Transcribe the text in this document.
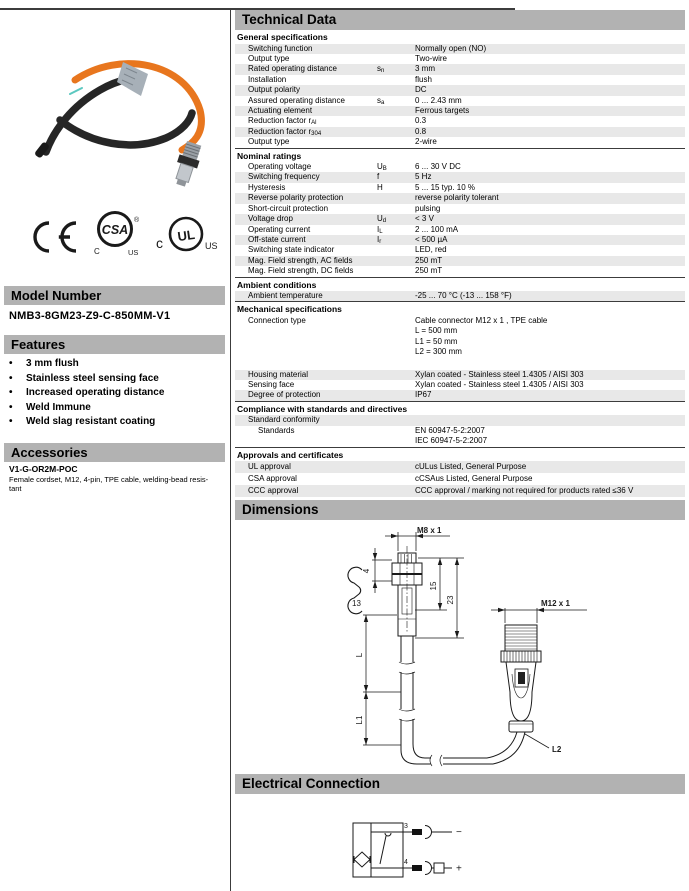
CSA
®
C	US
c UL
US
Model Number
NMB3-8GM23-Z9-C-850MM-V1
Features
•	3 mm flush
•	Stainless steel sensing face
•	Increased operating distance
•	Weld Immune
•	Weld slag resistant coating
Accessories
V1-G-OR2M-POC
Female cordset, M12, 4-pin, TPE cable, welding-bead resis-
tant
Technical Data
General specifications
Switching function	Normally open (NO)
Output type	Two-wire
Rated operating distance	$s_n$	3 mm
Installation	flush
Output polarity	DC
Assured operating distance	$s_a$	0 ... 2.43 mm
Actuating element	Ferrous targets
Reduction factor $r_{Al}$	0.3
Reduction factor $r_{304}$	0.8
Output type	2-wire
Nominal ratings
Operating voltage	$U_B$	6 ... 30 V DC
Switching frequency	f	5 Hz
Hysteresis	H	5 ... 15 typ. 10 %
Reverse polarity protection	reverse polarity tolerant
Short-circuit protection	pulsing
Voltage drop	$U_d$	< 3 V
Operating current	$I_L$	2 ... 100 mA
Off-state current	$I_r$	< 500 µA
Switching state indicator	LED, red
Mag. Field strength, AC fields	250 mT
Mag. Field strength, DC fields	250 mT
Ambient conditions
Ambient temperature	-25 ... 70 °C (-13 ... 158 °F)
Mechanical specifications
Connection type	Cable connector M12 x 1 , TPE cable
L = 500 mm
L1 = 50 mm
L2 = 300 mm
Housing material	Xylan coated - Stainless steel 1.4305 / AISI 303
Sensing face	Xylan coated - Stainless steel 1.4305 / AISI 303
Degree of protection	IP67
Compliance with standards and directives
Standard conformity
Standards	EN 60947-5-2:2007
IEC 60947-5-2:2007
Approvals and certificates
UL approval	cULus Listed, General Purpose
CSA approval	cCSAus Listed, General Purpose
CCC approval	CCC approval / marking not required for products rated ≤36 V
Dimensions
13
M8 x 1
4
15
23
L
L1
M12 x 1
L2
Electrical Connection
3
4
−
+
